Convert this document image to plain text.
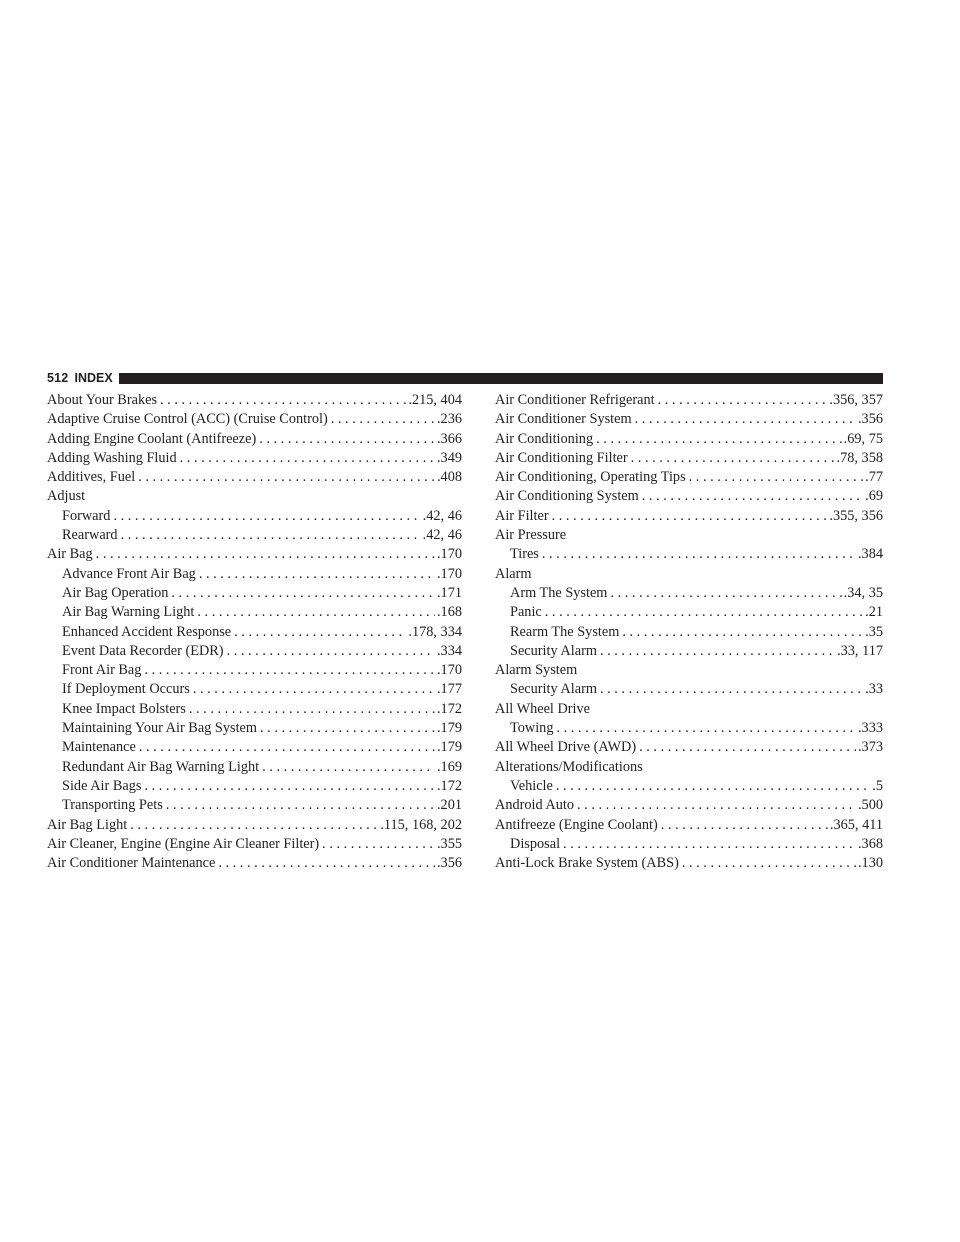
512 INDEX
About Your Brakes . . .	.215, 404
Adaptive Cruise Control (ACC) (Cruise Control) . . .	.236
Adding Engine Coolant (Antifreeze) . . .	.366
Adding Washing Fluid . . .	.349
Additives, Fuel . . .	.408
Adjust
Forward . . .	.42, 46
Rearward . . .	.42, 46
Air Bag . . .	.170
Advance Front Air Bag . . .	.170
Air Bag Operation . . .	.171
Air Bag Warning Light . . .	.168
Enhanced Accident Response . . .	.178, 334
Event Data Recorder (EDR) . . .	.334
Front Air Bag . . .	.170
If Deployment Occurs . . .	.177
Knee Impact Bolsters . . .	.172
Maintaining Your Air Bag System . . .	.179
Maintenance . . .	.179
Redundant Air Bag Warning Light . . .	.169
Side Air Bags . . .	.172
Transporting Pets . . .	.201
Air Bag Light . . .	.115, 168, 202
Air Cleaner, Engine (Engine Air Cleaner Filter) . . .	.355
Air Conditioner Maintenance . . .	.356
Air Conditioner Refrigerant . . .	.356, 357
Air Conditioner System . . .	.356
Air Conditioning . . .	.69, 75
Air Conditioning Filter . . .	.78, 358
Air Conditioning, Operating Tips . . .	.77
Air Conditioning System . . .	.69
Air Filter . . .	.355, 356
Air Pressure
Tires . . .	.384
Alarm
Arm The System . . .	.34, 35
Panic . . .	.21
Rearm The System . . .	.35
Security Alarm . . .	.33, 117
Alarm System
Security Alarm . . .	.33
All Wheel Drive
Towing . . .	.333
All Wheel Drive (AWD) . . .	.373
Alterations/Modifications
Vehicle . . .	.5
Android Auto . . .	.500
Antifreeze (Engine Coolant) . . .	.365, 411
Disposal . . .	.368
Anti-Lock Brake System (ABS) . . .	.130
